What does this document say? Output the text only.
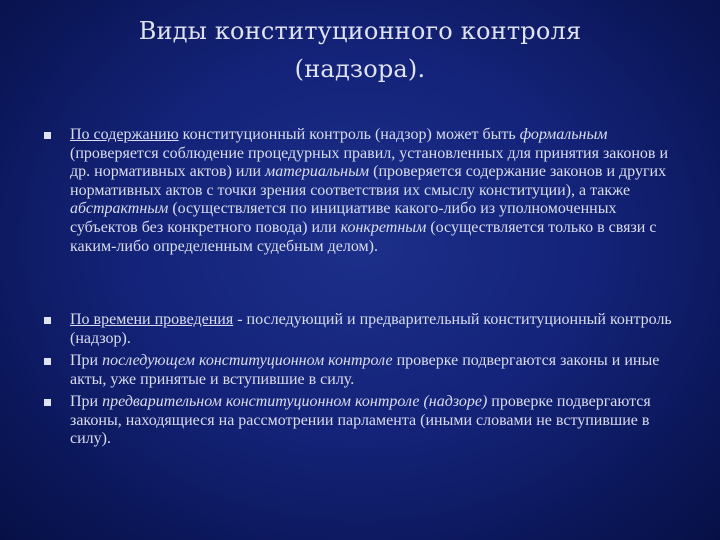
Виды конституционного контроля
(надзора).
По содержанию конституционный контроль (надзор) может быть формальным (проверяется соблюдение процедурных правил, установленных для принятия законов и др. нормативных актов) или материальным (проверяется содержание законов и других нормативных актов с точки зрения соответствия их смыслу конституции), а также абстрактным (осуществляется по инициативе какого-либо из уполномоченных субъектов без конкретного повода) или конкретным (осуществляется только в связи с каким-либо определенным судебным делом).
По времени проведения - последующий и предварительный конституционный контроль (надзор).
При последующем конституционном контроле проверке подвергаются законы и иные акты, уже принятые и вступившие в силу.
При предварительном конституционном контроле (надзоре) проверке подвергаются законы, находящиеся на рассмотрении парламента (иными словами не вступившие в силу).
